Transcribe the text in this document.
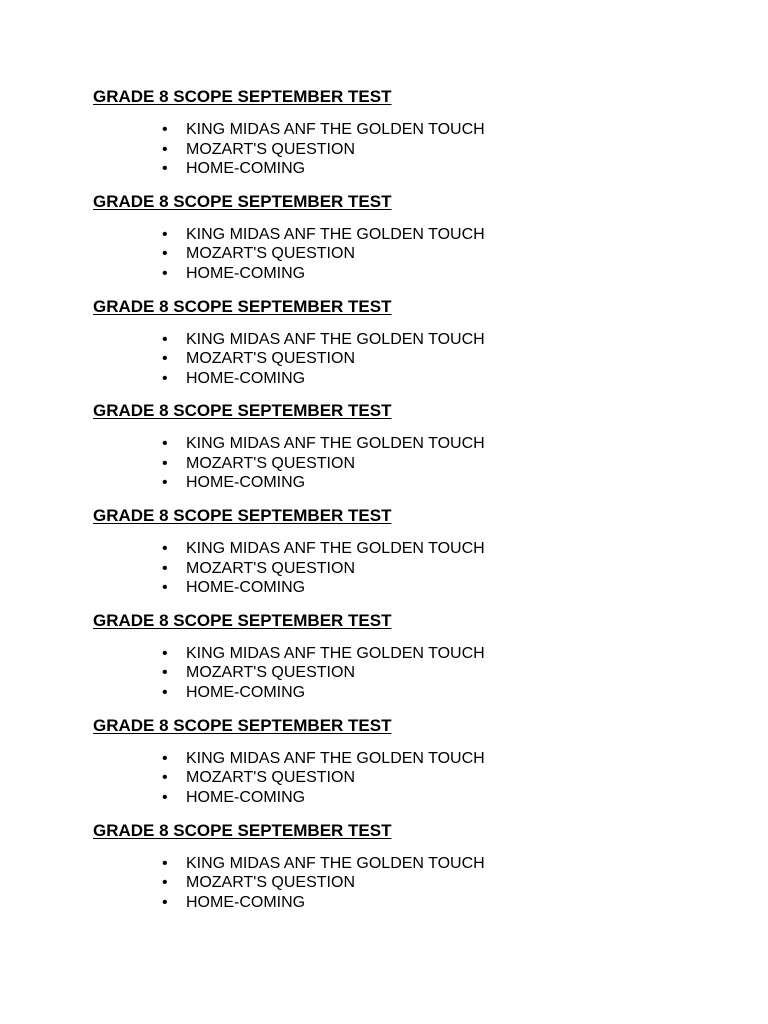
GRADE 8 SCOPE SEPTEMBER TEST
• KING MIDAS ANF THE GOLDEN TOUCH
• MOZART'S QUESTION
• HOME-COMING
GRADE 8 SCOPE SEPTEMBER TEST
• KING MIDAS ANF THE GOLDEN TOUCH
• MOZART'S QUESTION
• HOME-COMING
GRADE 8 SCOPE SEPTEMBER TEST
• KING MIDAS ANF THE GOLDEN TOUCH
• MOZART'S QUESTION
• HOME-COMING
GRADE 8 SCOPE SEPTEMBER TEST
• KING MIDAS ANF THE GOLDEN TOUCH
• MOZART'S QUESTION
• HOME-COMING
GRADE 8 SCOPE SEPTEMBER TEST
• KING MIDAS ANF THE GOLDEN TOUCH
• MOZART'S QUESTION
• HOME-COMING
GRADE 8 SCOPE SEPTEMBER TEST
• KING MIDAS ANF THE GOLDEN TOUCH
• MOZART'S QUESTION
• HOME-COMING
GRADE 8 SCOPE SEPTEMBER TEST
• KING MIDAS ANF THE GOLDEN TOUCH
• MOZART'S QUESTION
• HOME-COMING
GRADE 8 SCOPE SEPTEMBER TEST
• KING MIDAS ANF THE GOLDEN TOUCH
• MOZART'S QUESTION
• HOME-COMING
